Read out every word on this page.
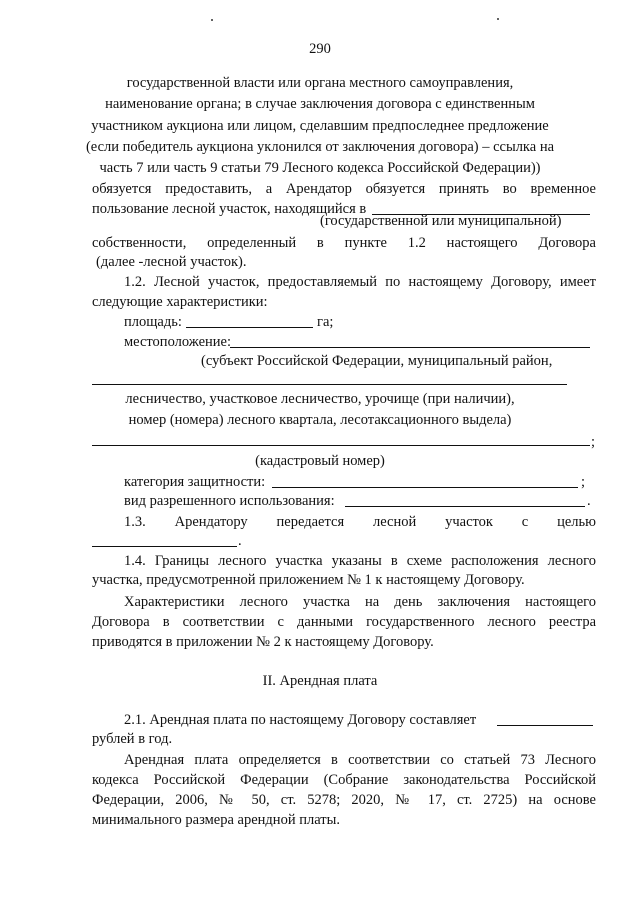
290
государственной власти или органа местного самоуправления,
наименование органа; в случае заключения договора с единственным
участником аукциона или лицом, сделавшим предпоследнее предложение
(если победитель аукциона уклонился от заключения договора) – ссылка на
часть 7 или часть 9 статьи 79 Лесного кодекса Российской Федерации))
обязуется предоставить, а Арендатор обязуется принять во временное
пользование лесной участок, находящийся в
(государственной или муниципальной)
собственности, определенный в пункте 1.2 настоящего Договора
(далее -лесной участок).
1.2. Лесной участок, предоставляемый по настоящему Договору, имеет
следующие характеристики:
площадь:	га;
местоположение:
(субъект Российской Федерации, муниципальный район,
лесничество, участковое лесничество, урочище (при наличии),
номер (номера) лесного квартала, лесотаксационного выдела)
;
(кадастровый номер)
категория защитности:	;
вид разрешенного использования:	.
1.3. Арендатору передается лесной участок с целью
.
1.4. Границы лесного участка указаны в схеме расположения лесного
участка, предусмотренной приложением № 1 к настоящему Договору.
Характеристики лесного участка на день заключения настоящего
Договора в соответствии с данными государственного лесного реестра
приводятся в приложении № 2 к настоящему Договору.
II. Арендная плата
2.1. Арендная плата по настоящему Договору составляет
рублей в год.
Арендная плата определяется в соответствии со статьей 73 Лесного
кодекса Российской Федерации (Собрание законодательства Российской
Федерации, 2006, № 50, ст. 5278; 2020, № 17, ст. 2725) на основе
минимального размера арендной платы.
